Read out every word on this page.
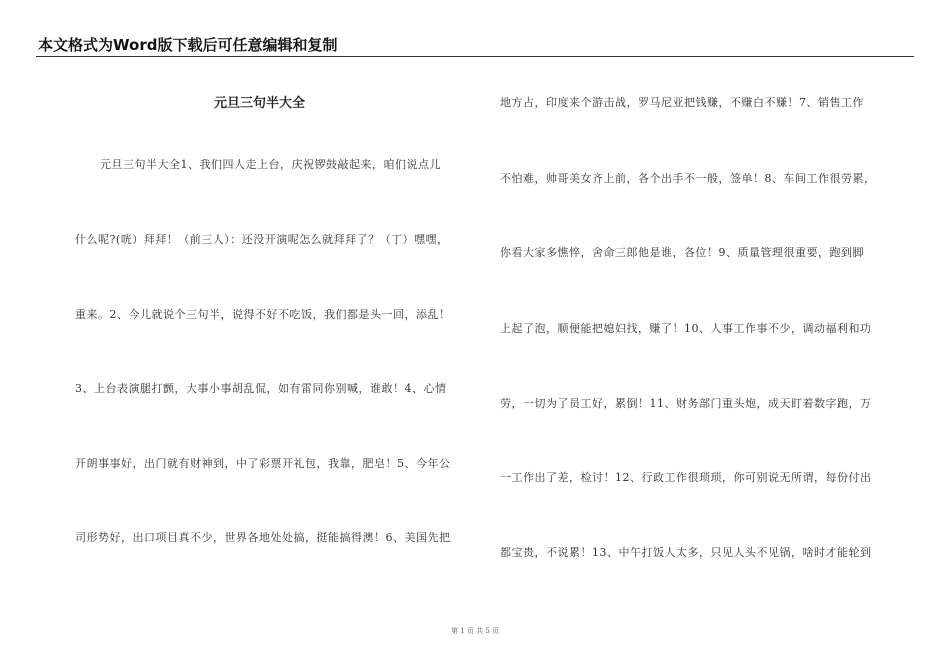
本文格式为Word版下载后可任意编辑和复制
元旦三句半大全
元旦三句半大全1、我们四人走上台，庆祝锣鼓敲起来，咱们说点儿
什么呢?(咣）拜拜！（前三人）：还没开演呢怎么就拜拜了？（丁）嘿嘿，
重来。2、今儿就说个三句半，说得不好不吃饭，我们都是头一回，添乱！
3、上台表演腿打颤，大事小事胡乱侃，如有雷同你别喊，谁敢！4、心情
开朗事事好，出门就有财神到，中了彩票开礼包，我靠，肥皂！5、今年公
司形势好，出口项目真不少，世界各地处处搞，挺能搞得澳！6、美国先把
地方占，印度来个游击战，罗马尼亚把钱赚，不赚白不赚！7、销售工作
不怕难，帅哥美女齐上前，各个出手不一般，签单！8、车间工作很劳累，
你看大家多憔悴，舍命三郎他是谁，各位！9、质量管理很重要，跑到脚
上起了泡，顺便能把媳妇找，赚了！10、人事工作事不少，调动福利和功
劳，一切为了员工好，累倒！11、财务部门重头炮，成天盯着数字跑，万
一工作出了差，检讨！12、行政工作很琐琐，你可别说无所谓，每份付出
都宝贵，不说累！13、中午打饭人太多，只见人头不见锅，啥时才能轮到
第 1 页 共 5 页
